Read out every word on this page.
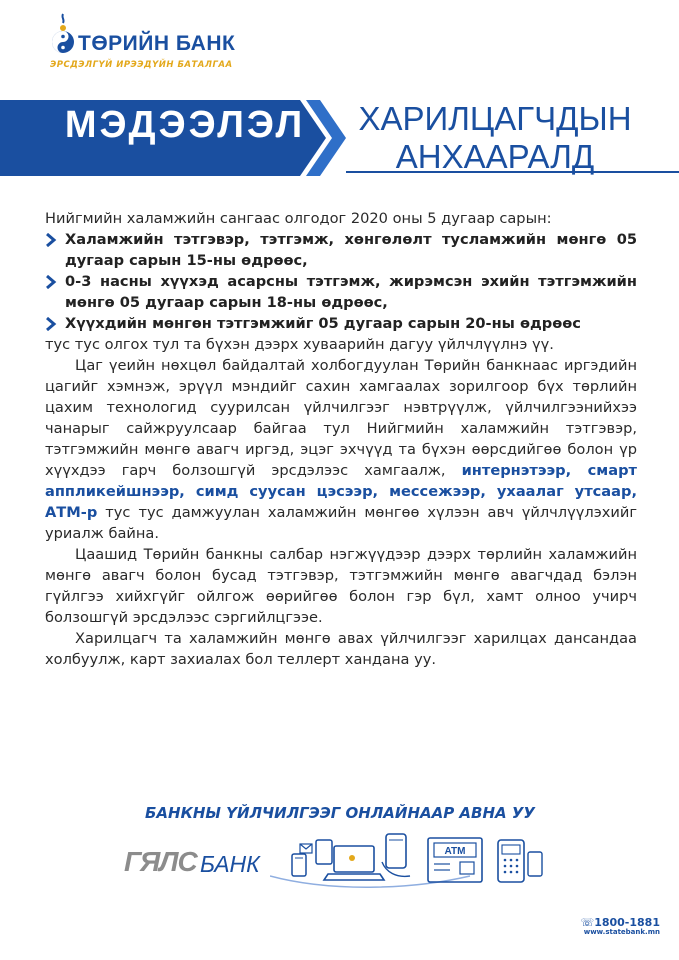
ТӨРИЙН БАНК
ЭРСДЭЛГҮЙ ИРЭЭДҮЙН БАТАЛГАА
МЭДЭЭЛЭЛ	ХАРИЛЦАГЧДЫН
АНХААРАЛД

Нийгмийн халамжийн сангаас олгодог 2020 оны 5 дугаар сарын:

Халамжийн тэтгэвэр, тэтгэмж, хөнгөлөлт тусламжийн мөнгө 05 дугаар сарын 15-ны өдрөөс,

0-3 насны хүүхэд асарсны тэтгэмж, жирэмсэн эхийн тэтгэмжийн мөнгө 05 дугаар сарын 18-ны өдрөөс,

Хүүхдийн мөнгөн тэтгэмжийг 05 дугаар сарын 20-ны өдрөөс

тус тус олгох тул та бүхэн дээрх хуваарийн дагуу үйлчлүүлнэ үү.

Цаг үеийн нөхцөл байдалтай холбогдуулан Төрийн банкнаас иргэдийн цагийг хэмнэж, эрүүл мэндийг сахин хамгаалах зорилгоор бүх төрлийн цахим технологид суурилсан үйлчилгээг нэвтрүүлж, үйлчилгээнийхээ чанарыг сайжруулсаар байгаа тул Нийгмийн халамжийн тэтгэвэр, тэтгэмжийн мөнгө авагч иргэд, эцэг эхчүүд та бүхэн өөрсдийгөө болон үр хүүхдээ гарч болзошгүй эрсдэлээс хамгаалж, интернэтээр, смарт аппликейшнээр, симд суусан цэсээр, мессежээр, ухаалаг утсаар, АТМ-р тус тус дамжуулан халамжийн мөнгөө хүлээн авч үйлчлүүлэхийг уриалж байна.

Цаашид Төрийн банкны салбар нэгжүүдээр дээрх төрлийн халамжийн мөнгө авагч болон бусад тэтгэвэр, тэтгэмжийн мөнгө авагчдад бэлэн гүйлгээ хийхгүйг ойлгож өөрийгөө болон гэр бүл, хамт олноо учирч болзошгүй эрсдэлээс сэргийлцгээе.

Харилцагч та халамжийн мөнгө авах үйлчилгээг харилцах дансандаа холбуулж, карт захиалах бол теллерт хандана уу.

БАНКНЫ ҮЙЛЧИЛГЭЭГ ОНЛАЙНААР АВНА УУ
ГЯЛС БАНК	ATM
☏1800-1881
www.statebank.mn
